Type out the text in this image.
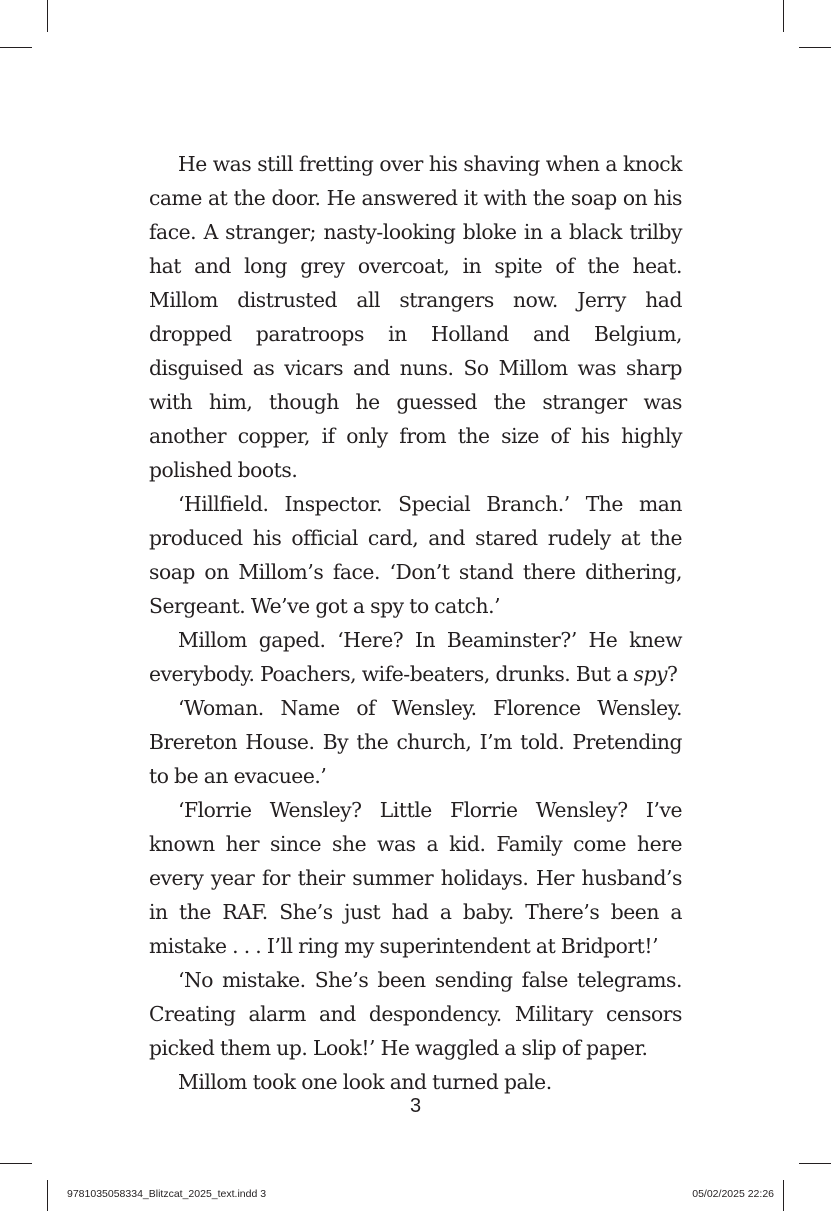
He was still fretting over his shaving when a knock came at the door. He answered it with the soap on his face. A stranger; nasty-looking bloke in a black trilby hat and long grey overcoat, in spite of the heat. Millom distrusted all strangers now. Jerry had dropped paratroops in Holland and Belgium, disguised as vicars and nuns. So Millom was sharp with him, though he guessed the stranger was another copper, if only from the size of his highly polished boots.

‘Hillfield. Inspector. Special Branch.’ The man produced his official card, and stared rudely at the soap on Millom’s face. ‘Don’t stand there dithering, Sergeant. We’ve got a spy to catch.’

Millom gaped. ‘Here? In Beaminster?’ He knew everybody. Poachers, wife-beaters, drunks. But a spy?

‘Woman. Name of Wensley. Florence Wensley. Brereton House. By the church, I’m told. Pretending to be an evacuee.’

‘Florrie Wensley? Little Florrie Wensley? I’ve known her since she was a kid. Family come here every year for their summer holidays. Her husband’s in the RAF. She’s just had a baby. There’s been a mistake . . . I’ll ring my superintendent at Bridport!’

‘No mistake. She’s been sending false telegrams. Creating alarm and despondency. Military censors picked them up. Look!’ He waggled a slip of paper.

Millom took one look and turned pale.

3
9781035058334_Blitzcat_2025_text.indd 3	05/02/2025 22:26
